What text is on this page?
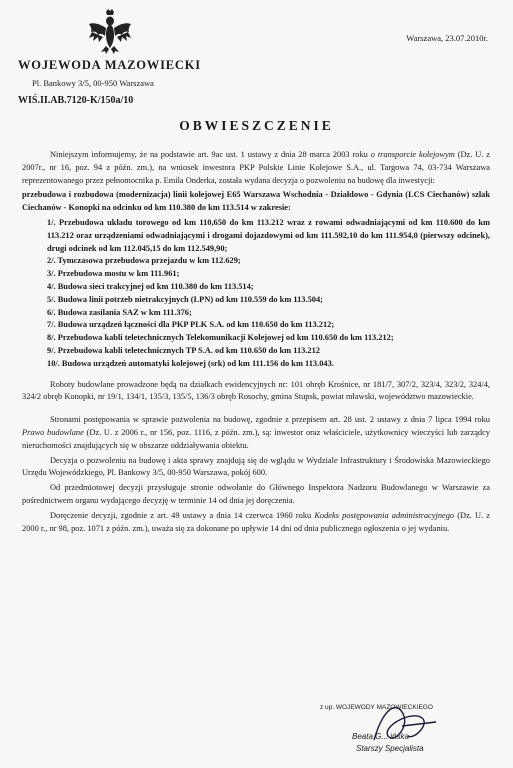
Warszawa, 23.07.2010r.
WOJEWODA MAZOWIECKI
Pl. Bankowy 3/5, 00-950 Warszawa
WIŚ.II.AB.7120-K/150a/10
OBWIESZCZENIE

Niniejszym informujemy, że na podstawie art. 9ac ust. 1 ustawy z dnia 28 marca 2003 roku o transporcie kolejowym (Dz. U. z 2007r., nr 16, poz. 94 z późn. zm.), na wniosek inwestora PKP Polskie Linie Kolejowe S.A., ul. Targowa 74, 03-734 Warszawa reprezentowanego przez pełnomocnika p. Emila Onderka, została wydana decyzja o pozwoleniu na budowę dla inwestycji:

przebudowa i rozbudowa (modernizacja) linii kolejowej E65 Warszawa Wschodnia - Działdowo - Gdynia (LCS Ciechanów) szlak Ciechanów - Konopki na odcinku od km 110.380 do km 113.514 w zakresie:

1/. Przebudowa układu torowego od km 110,650 do km 113.212 wraz z rowami odwadniającymi od km 110.600 do km 113.212 oraz urządzeniami odwadniającymi i drogami dojazdowymi od km 111.592,10 do km 111.954,0 (pierwszy odcinek), drugi odcinek od km 112.045,15 do km 112.549,90;
2/. Tymczasowa przebudowa przejazdu w km 112.629;
3/. Przebudowa mostu w km 111.961;
4/. Budowa sieci trakcyjnej od km 110.380 do km 113.514;
5/. Budowa linii potrzeb nietrakcyjnych (LPN) od km 110.559 do km 113.504;
6/. Budowa zasilania SAZ w km 111.376;
7/. Budowa urządzeń łączności dla PKP PLK S.A. od km 110.650 do km 113.212;
8/. Przebudowa kabli teletechnicznych Telekomunikacji Kolejowej od km 110.650 do km 113.212;
9/. Przebudowa kabli teletechnicznych TP S.A. od km 110.650 do km 113.212
10/. Budowa urządzeń automatyki kolejowej (srk) od km 111.156 do km 113.043.

Roboty budowlane prowadzone będą na działkach ewidencyjnych nr: 101 obręb Krośnice, nr 181/7, 307/2, 323/4, 323/2, 324/4, 324/2 obręb Konopki, nr 19/1, 134/1, 135/3, 135/5, 136/3 obręb Rosochy, gmina Stupsk, powiat mławski, województwo mazowieckie.

Stronami postępowania w sprawie pozwolenia na budowę, zgodnie z przepisem art. 28 ust. 2 ustawy z dnia 7 lipca 1994 roku Prawo budowlane (Dz. U. z 2006 r., nr 156, poz. 1116, z późn. zm.), są: inwestor oraz właściciele, użytkownicy wieczyści lub zarządcy nieruchomości znajdujących się w obszarze oddziaływania obiektu.

Decyzja o pozwoleniu na budowę i akta sprawy znajdują się do wglądu w Wydziale Infrastruktury i Środowiska Mazowieckiego Urzędu Wojewódzkiego, Pl. Bankowy 3/5, 00-950 Warszawa, pokój 600.

Od przedmiotowej decyzji przysługuje stronie odwołanie do Głównego Inspektora Nadzoru Budowlanego w Warszawie za pośrednictwem organu wydającego decyzję w terminie 14 od dnia jej doręczenia.

Doręczenie decyzji, zgodnie z art. 49 ustawy a dnia 14 czerwca 1960 roku Kodeks postępowania administracyjnego (Dz. U. z 2000 r., nr 98, poz. 1071 z późn. zm.), uważa się za dokonane po upływie 14 dni od dnia publicznego ogłoszenia o jej wydaniu.

z up. WOJEWODY MAZOWIECKIEGO
Beata G... ińska
Starszy Specjalista
